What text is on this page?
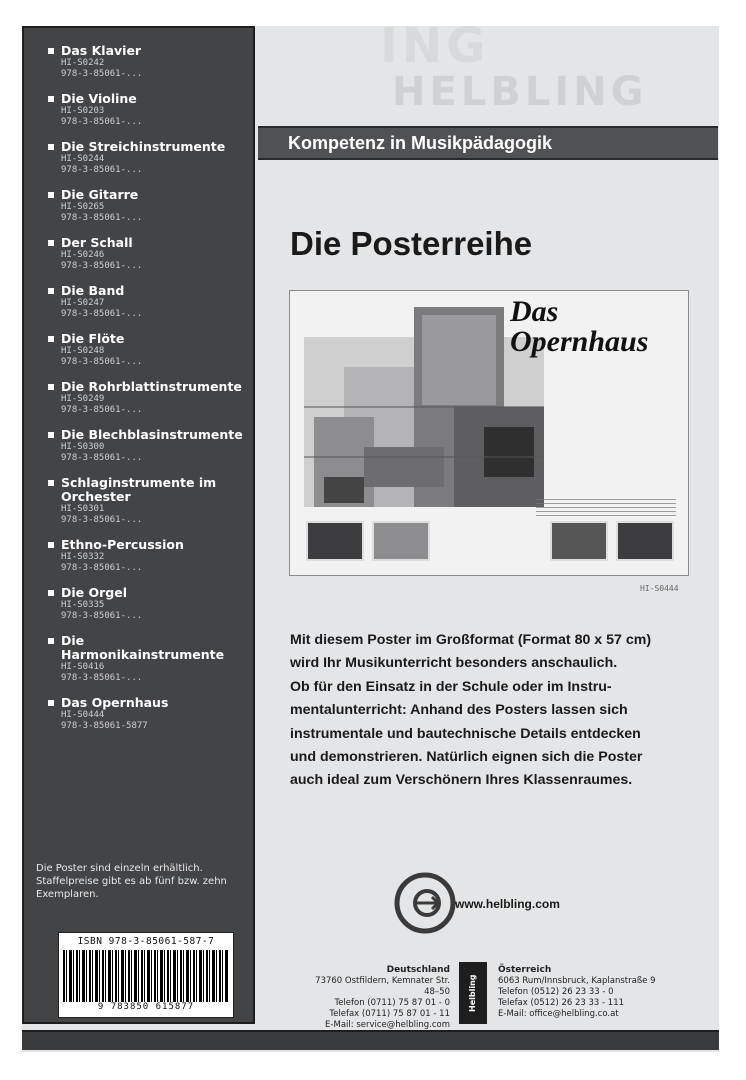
ING
HELBLING
Das Klavier
HI-S0242
978-3-85061-...
Die Violine
HI-S0203
978-3-85061-...
Die Streichinstrumente
HI-S0244
978-3-85061-...
Die Gitarre
HI-S0265
978-3-85061-...
Der Schall
HI-S0246
978-3-85061-...
Die Band
HI-S0247
978-3-85061-...
Die Flöte
HI-S0248
978-3-85061-...
Die Rohrblattinstrumente
HI-S0249
978-3-85061-...
Die Blechblasinstrumente
HI-S0300
978-3-85061-...
Schlaginstrumente im Orchester
HI-S0301
978-3-85061-...
Ethno-Percussion
HI-S0332
978-3-85061-...
Die Orgel
HI-S0335
978-3-85061-...
Die Harmonikainstrumente
HI-S0416
978-3-85061-...
Das Opernhaus
HI-S0444
978-3-85061-5877
Die Poster sind einzeln erhältlich. Staffelpreise gibt es ab fünf bzw. zehn Exemplaren.
ISBN 978-3-85061-587-7
9 783850 615877
Kompetenz in Musikpädagogik
Die Posterreihe
Das
Opernhaus
HI-S0444
Mit diesem Poster im Großformat (Format 80 x 57 cm)
wird Ihr Musikunterricht besonders anschaulich.
Ob für den Einsatz in der Schule oder im Instru-
mentalunterricht: Anhand des Posters lassen sich
instrumentale und bautechnische Details entdecken
und demonstrieren. Natürlich eignen sich die Poster
auch ideal zum Verschönern Ihres Klassenraumes.
www.helbling.com
Deutschland
73760 Ostfildern, Kemnater Str. 48–50
Telefon (0711) 75 87 01 - 0
Telefax (0711) 75 87 01 - 11
E-Mail: service@helbling.com
Helbling
Österreich
6063 Rum/Innsbruck, Kaplanstraße 9
Telefon (0512) 26 23 33 - 0
Telefax (0512) 26 23 33 - 111
E-Mail: office@helbling.co.at
